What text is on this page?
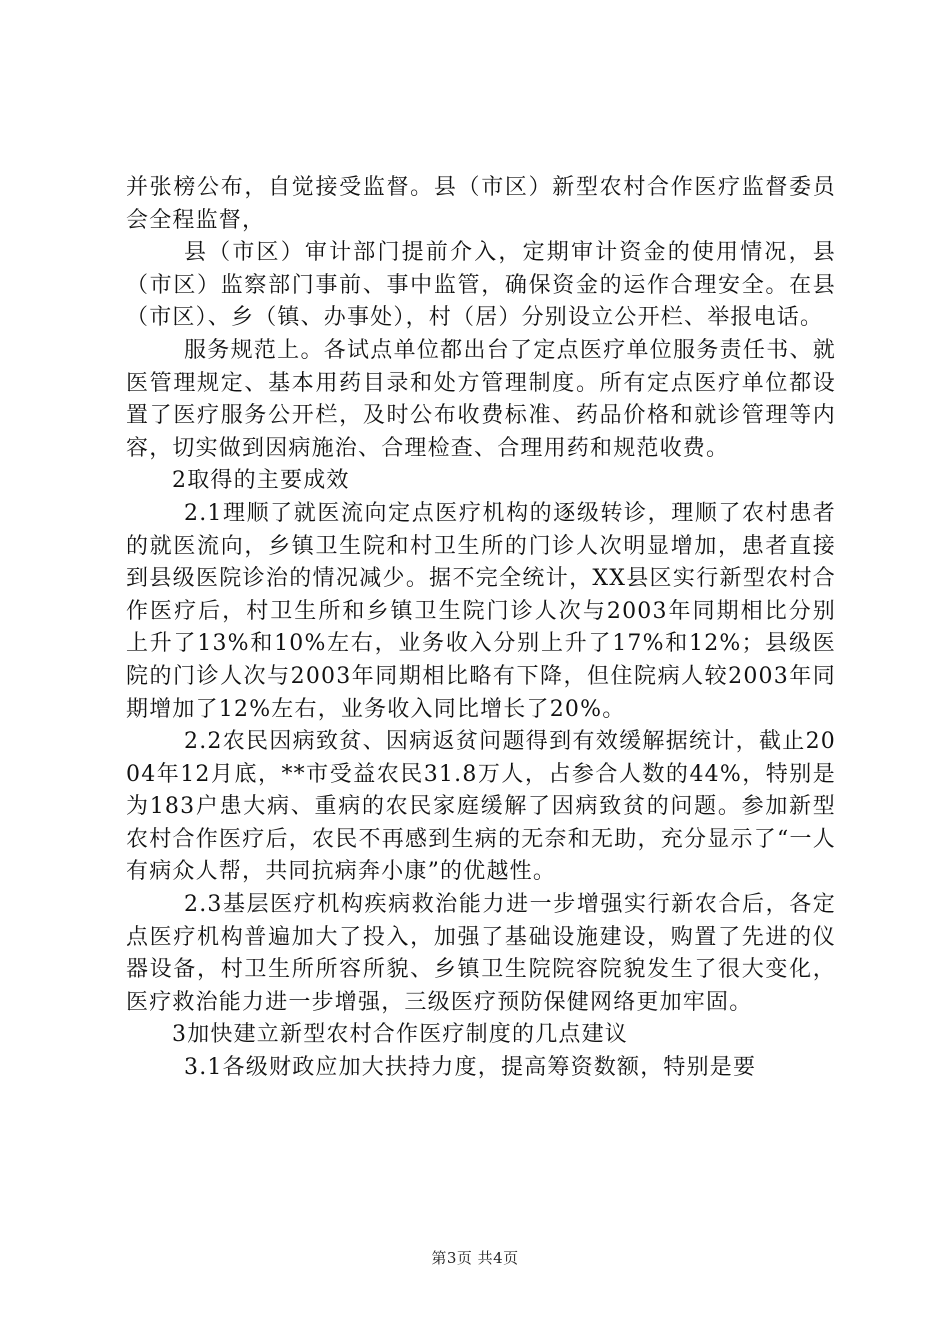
并张榜公布，自觉接受监督。县（市区）新型农村合作医疗监督委员会全程监督，

县（市区）审计部门提前介入，定期审计资金的使用情况，县（市区）监察部门事前、事中监管，确保资金的运作合理安全。在县（市区）、乡（镇、办事处），村（居）分别设立公开栏、举报电话。

服务规范上。各试点单位都出台了定点医疗单位服务责任书、就医管理规定、基本用药目录和处方管理制度。所有定点医疗单位都设置了医疗服务公开栏，及时公布收费标准、药品价格和就诊管理等内容，切实做到因病施治、合理检查、合理用药和规范收费。

2取得的主要成效

2.1理顺了就医流向定点医疗机构的逐级转诊，理顺了农村患者的就医流向，乡镇卫生院和村卫生所的门诊人次明显增加，患者直接到县级医院诊治的情况减少。据不完全统计，XX县区实行新型农村合作医疗后，村卫生所和乡镇卫生院门诊人次与2003年同期相比分别上升了13%和10%左右，业务收入分别上升了17%和12%；县级医院的门诊人次与2003年同期相比略有下降，但住院病人较2003年同期增加了12%左右，业务收入同比增长了20%。

2.2农民因病致贫、因病返贫问题得到有效缓解据统计，截止2004年12月底，**市受益农民31.8万人，占参合人数的44%，特别是为183户患大病、重病的农民家庭缓解了因病致贫的问题。参加新型农村合作医疗后，农民不再感到生病的无奈和无助，充分显示了“一人有病众人帮，共同抗病奔小康”的优越性。

2.3基层医疗机构疾病救治能力进一步增强实行新农合后，各定点医疗机构普遍加大了投入，加强了基础设施建设，购置了先进的仪器设备，村卫生所所容所貌、乡镇卫生院院容院貌发生了很大变化，医疗救治能力进一步增强，三级医疗预防保健网络更加牢固。

3加快建立新型农村合作医疗制度的几点建议

3.1各级财政应加大扶持力度，提高筹资数额，特别是要

第3页 共4页
